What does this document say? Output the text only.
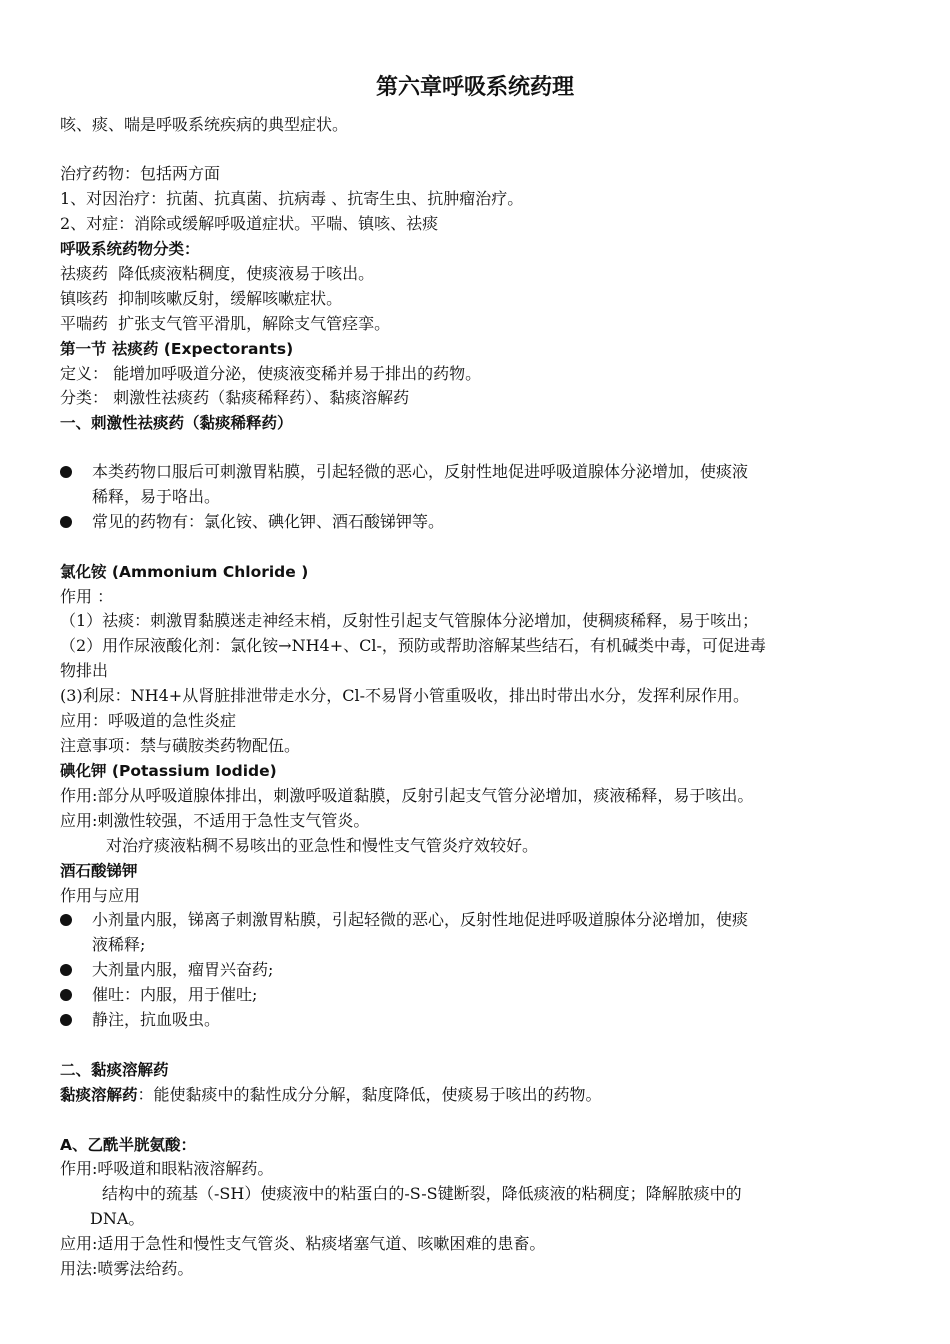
第六章呼吸系统药理
咳、痰、喘是呼吸系统疾病的典型症状。
治疗药物：包括两方面
1、对因治疗：抗菌、抗真菌、抗病毒 、抗寄生虫、抗肿瘤治疗。
2、对症：消除或缓解呼吸道症状。平喘、镇咳、祛痰
呼吸系统药物分类：
祛痰药  降低痰液粘稠度，使痰液易于咳出。
镇咳药  抑制咳嗽反射，缓解咳嗽症状。
平喘药  扩张支气管平滑肌，解除支气管痉挛。
第一节 祛痰药 (Expectorants)
定义： 能增加呼吸道分泌，使痰液变稀并易于排出的药物。
分类： 刺激性祛痰药（黏痰稀释药）、黏痰溶解药
一、刺激性祛痰药（黏痰稀释药）
本类药物口服后可刺激胃粘膜，引起轻微的恶心，反射性地促进呼吸道腺体分泌增加，使痰液
稀释，易于咯出。
常见的药物有：氯化铵、碘化钾、酒石酸锑钾等。
氯化铵 (Ammonium Chloride )
作用 ：
（1）祛痰：刺激胃黏膜迷走神经末梢，反射性引起支气管腺体分泌增加，使稠痰稀释，易于咳出；
（2）用作尿液酸化剂：氯化铵→NH4+、Cl-，预防或帮助溶解某些结石，有机碱类中毒，可促进毒
物排出
(3)利尿：NH4+从肾脏排泄带走水分，Cl-不易肾小管重吸收，排出时带出水分，发挥利尿作用。
应用：呼吸道的急性炎症
注意事项：禁与磺胺类药物配伍。
碘化钾 (Potassium Iodide)
作用:部分从呼吸道腺体排出，刺激呼吸道黏膜，反射引起支气管分泌增加，痰液稀释，易于咳出。
应用:刺激性较强，不适用于急性支气管炎。
对治疗痰液粘稠不易咳出的亚急性和慢性支气管炎疗效较好。
酒石酸锑钾
作用与应用
小剂量内服，锑离子刺激胃粘膜，引起轻微的恶心，反射性地促进呼吸道腺体分泌增加，使痰
液稀释;
大剂量内服，瘤胃兴奋药;
催吐：内服，用于催吐;
静注，抗血吸虫。
二、黏痰溶解药
黏痰溶解药：能使黏痰中的黏性成分分解，黏度降低，使痰易于咳出的药物。
A、乙酰半胱氨酸：
作用:呼吸道和眼粘液溶解药。
结构中的巯基（-SH）使痰液中的粘蛋白的-S-S键断裂，降低痰液的粘稠度；降解脓痰中的
DNA。
应用:适用于急性和慢性支气管炎、粘痰堵塞气道、咳嗽困难的患畜。
用法:喷雾法给药。
